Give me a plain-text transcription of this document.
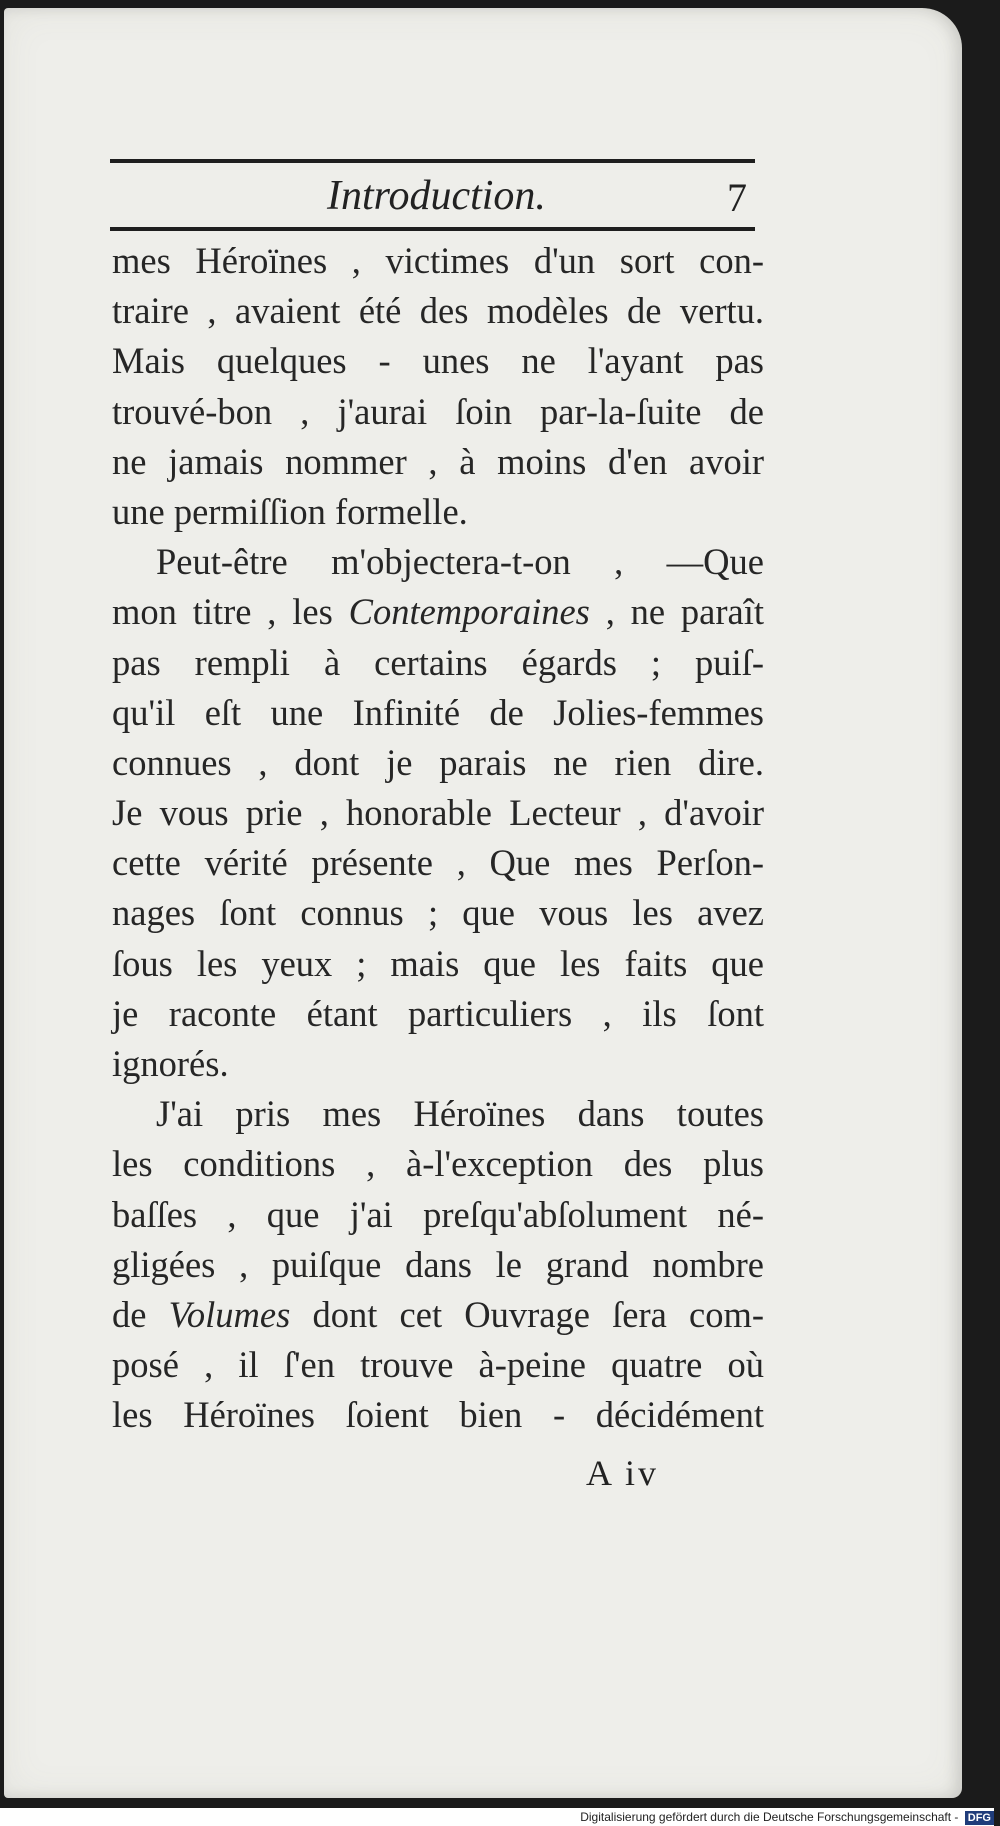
Introduction.	7
mes Héroïnes , victimes d'un sort con-
traire , avaient été des modèles de vertu.
Mais quelques - unes ne l'ayant pas
trouvé-bon , j'aurai ſoin par-la-ſuite de
ne jamais nommer , à moins d'en avoir
une permiſſion formelle.
Peut-être m'objectera-t-on , —Que
mon titre , les Contemporaines , ne paraît
pas rempli à certains égards ; puiſ-
qu'il eſt une Infinité de Jolies-femmes
connues , dont je parais ne rien dire.
Je vous prie , honorable Lecteur , d'avoir
cette vérité présente , Que mes Perſon-
nages ſont connus ; que vous les avez
ſous les yeux ; mais que les faits que
je raconte étant particuliers , ils ſont
ignorés.
J'ai pris mes Héroïnes dans toutes
les conditions , à-l'exception des plus
baſſes , que j'ai preſqu'abſolument né-
gligées , puiſque dans le grand nombre
de Volumes dont cet Ouvrage ſera com-
posé , il ſ'en trouve à-peine quatre où
les Héroïnes ſoient bien - décidément
A iv
Digitalisierung gefördert durch die Deutsche Forschungsgemeinschaft - DFG
